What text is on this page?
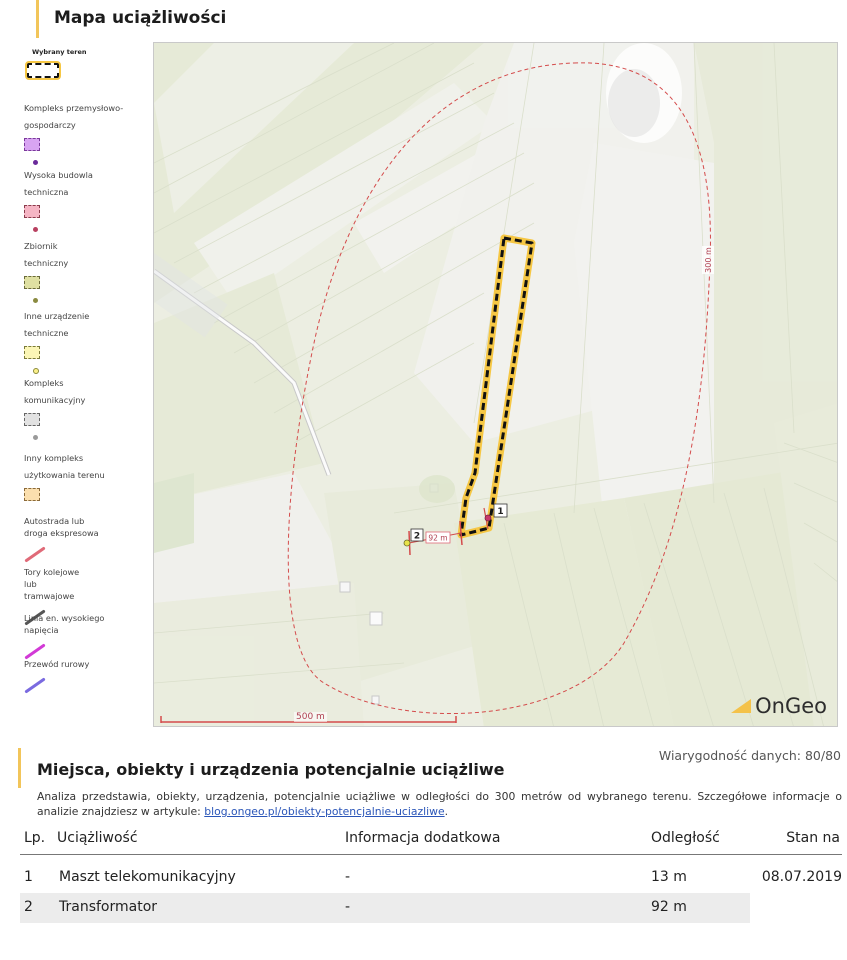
Mapa uciążliwości
Wybrany teren
Kompleks przemysłowo-gospodarczy
Wysoka budowla techniczna
Zbiornik techniczny
Inne urządzenie techniczne
Kompleks komunikacyjny
Inny kompleks użytkowania terenu
Autostrada lub droga ekspresowa
Tory kolejowe lub tramwajowe
Linia en. wysokiego napięcia
Przewód rurowy
300 m
92 m
2
1
500 m	OnGeo
Miejsca, obiekty i urządzenia potencjalnie uciążliwe
Wiarygodność danych: 80/80
Analiza przedstawia, obiekty, urządzenia, potencjalnie uciążliwe w odległości do 300 metrów od wybranego terenu. Szczegółowe informacje o analizie znajdziesz w artykule: blog.ongeo.pl/obiekty-potencjalnie-uciazliwe.
Lp. Uciążliwość	Informacja dodatkowa	Odległość	Stan na
1 Maszt telekomunikacyjny	-	13 m	08.07.2019
2 Transformator	-	92 m
